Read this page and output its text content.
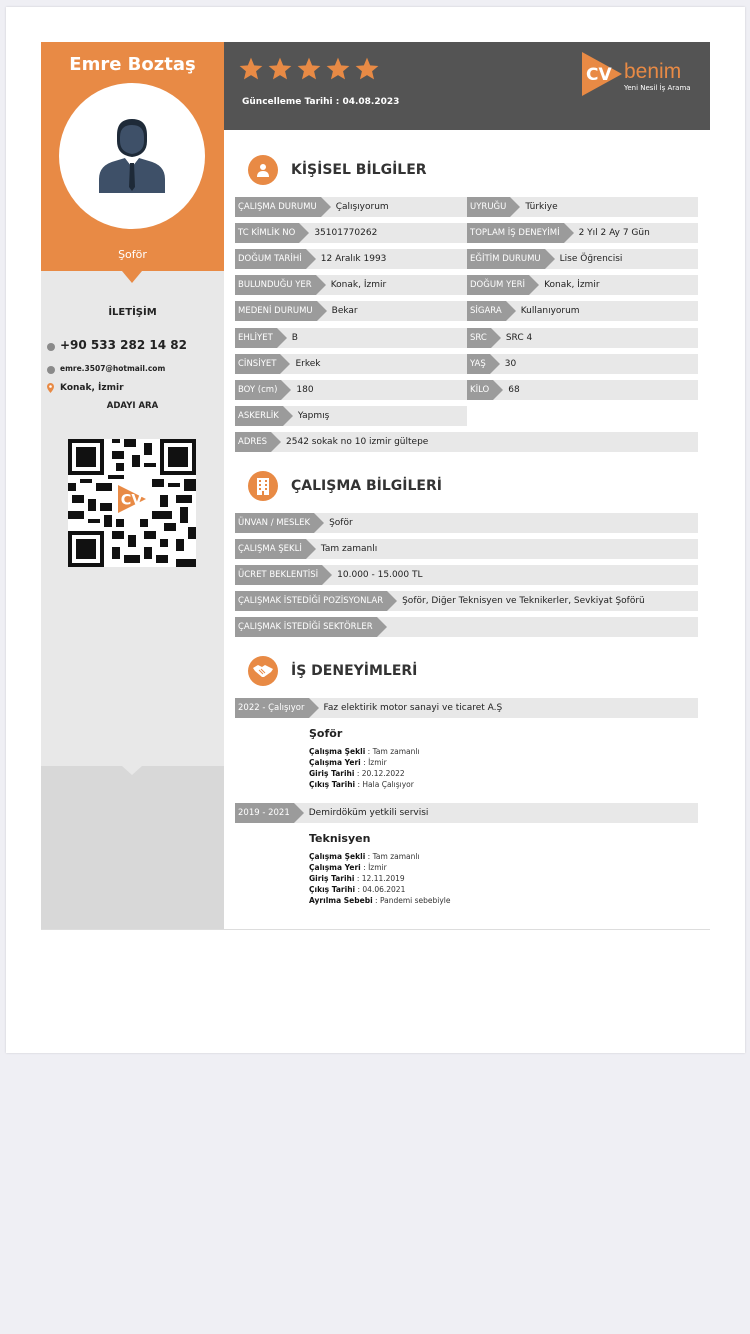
Emre Boztaş
Şoför
İLETİŞİM
+90 533 282 14 82
emre.3507@hotmail.com
Konak, İzmir
ADAYI ARA
CV
Güncelleme Tarihi : 04.08.2023
CV benim
Yeni Nesil İş Arama
KİŞİSEL BİLGİLER
ÇALIŞMA DURUMU	Çalışıyorum	UYRUĞU	Türkiye
TC KİMLİK NO	35101770262	TOPLAM İŞ DENEYİMİ	2 Yıl 2 Ay 7 Gün
DOĞUM TARİHİ	12 Aralık 1993	EĞİTİM DURUMU	Lise Öğrencisi
BULUNDUĞU YER	Konak, İzmir	DOĞUM YERİ	Konak, İzmir
MEDENİ DURUMU	Bekar	SİGARA	Kullanıyorum
EHLİYET	B	SRC	SRC 4
CİNSİYET	Erkek	YAŞ	30
BOY (cm)	180	KİLO	68
ASKERLİK	Yapmış
ADRES	2542 sokak no 10 izmir gültepe
ÇALIŞMA BİLGİLERİ
ÜNVAN / MESLEK	Şoför
ÇALIŞMA ŞEKLİ	Tam zamanlı
ÜCRET BEKLENTİSİ	10.000 - 15.000 TL
ÇALIŞMAK İSTEDİĞİ POZİSYONLAR	Şoför, Diğer Teknisyen ve Teknikerler, Sevkiyat Şoförü
ÇALIŞMAK İSTEDİĞİ SEKTÖRLER
İŞ DENEYİMLERİ
2022 - Çalışıyor	Faz elektirik motor sanayi ve ticaret A.Ş
Şoför
Çalışma Şekli : Tam zamanlı
Çalışma Yeri : İzmir
Giriş Tarihi : 20.12.2022
Çıkış Tarihi : Hala Çalışıyor
2019 - 2021	Demirdöküm yetkili servisi
Teknisyen
Çalışma Şekli : Tam zamanlı
Çalışma Yeri : İzmir
Giriş Tarihi : 12.11.2019
Çıkış Tarihi : 04.06.2021
Ayrılma Sebebi : Pandemi sebebiyle
